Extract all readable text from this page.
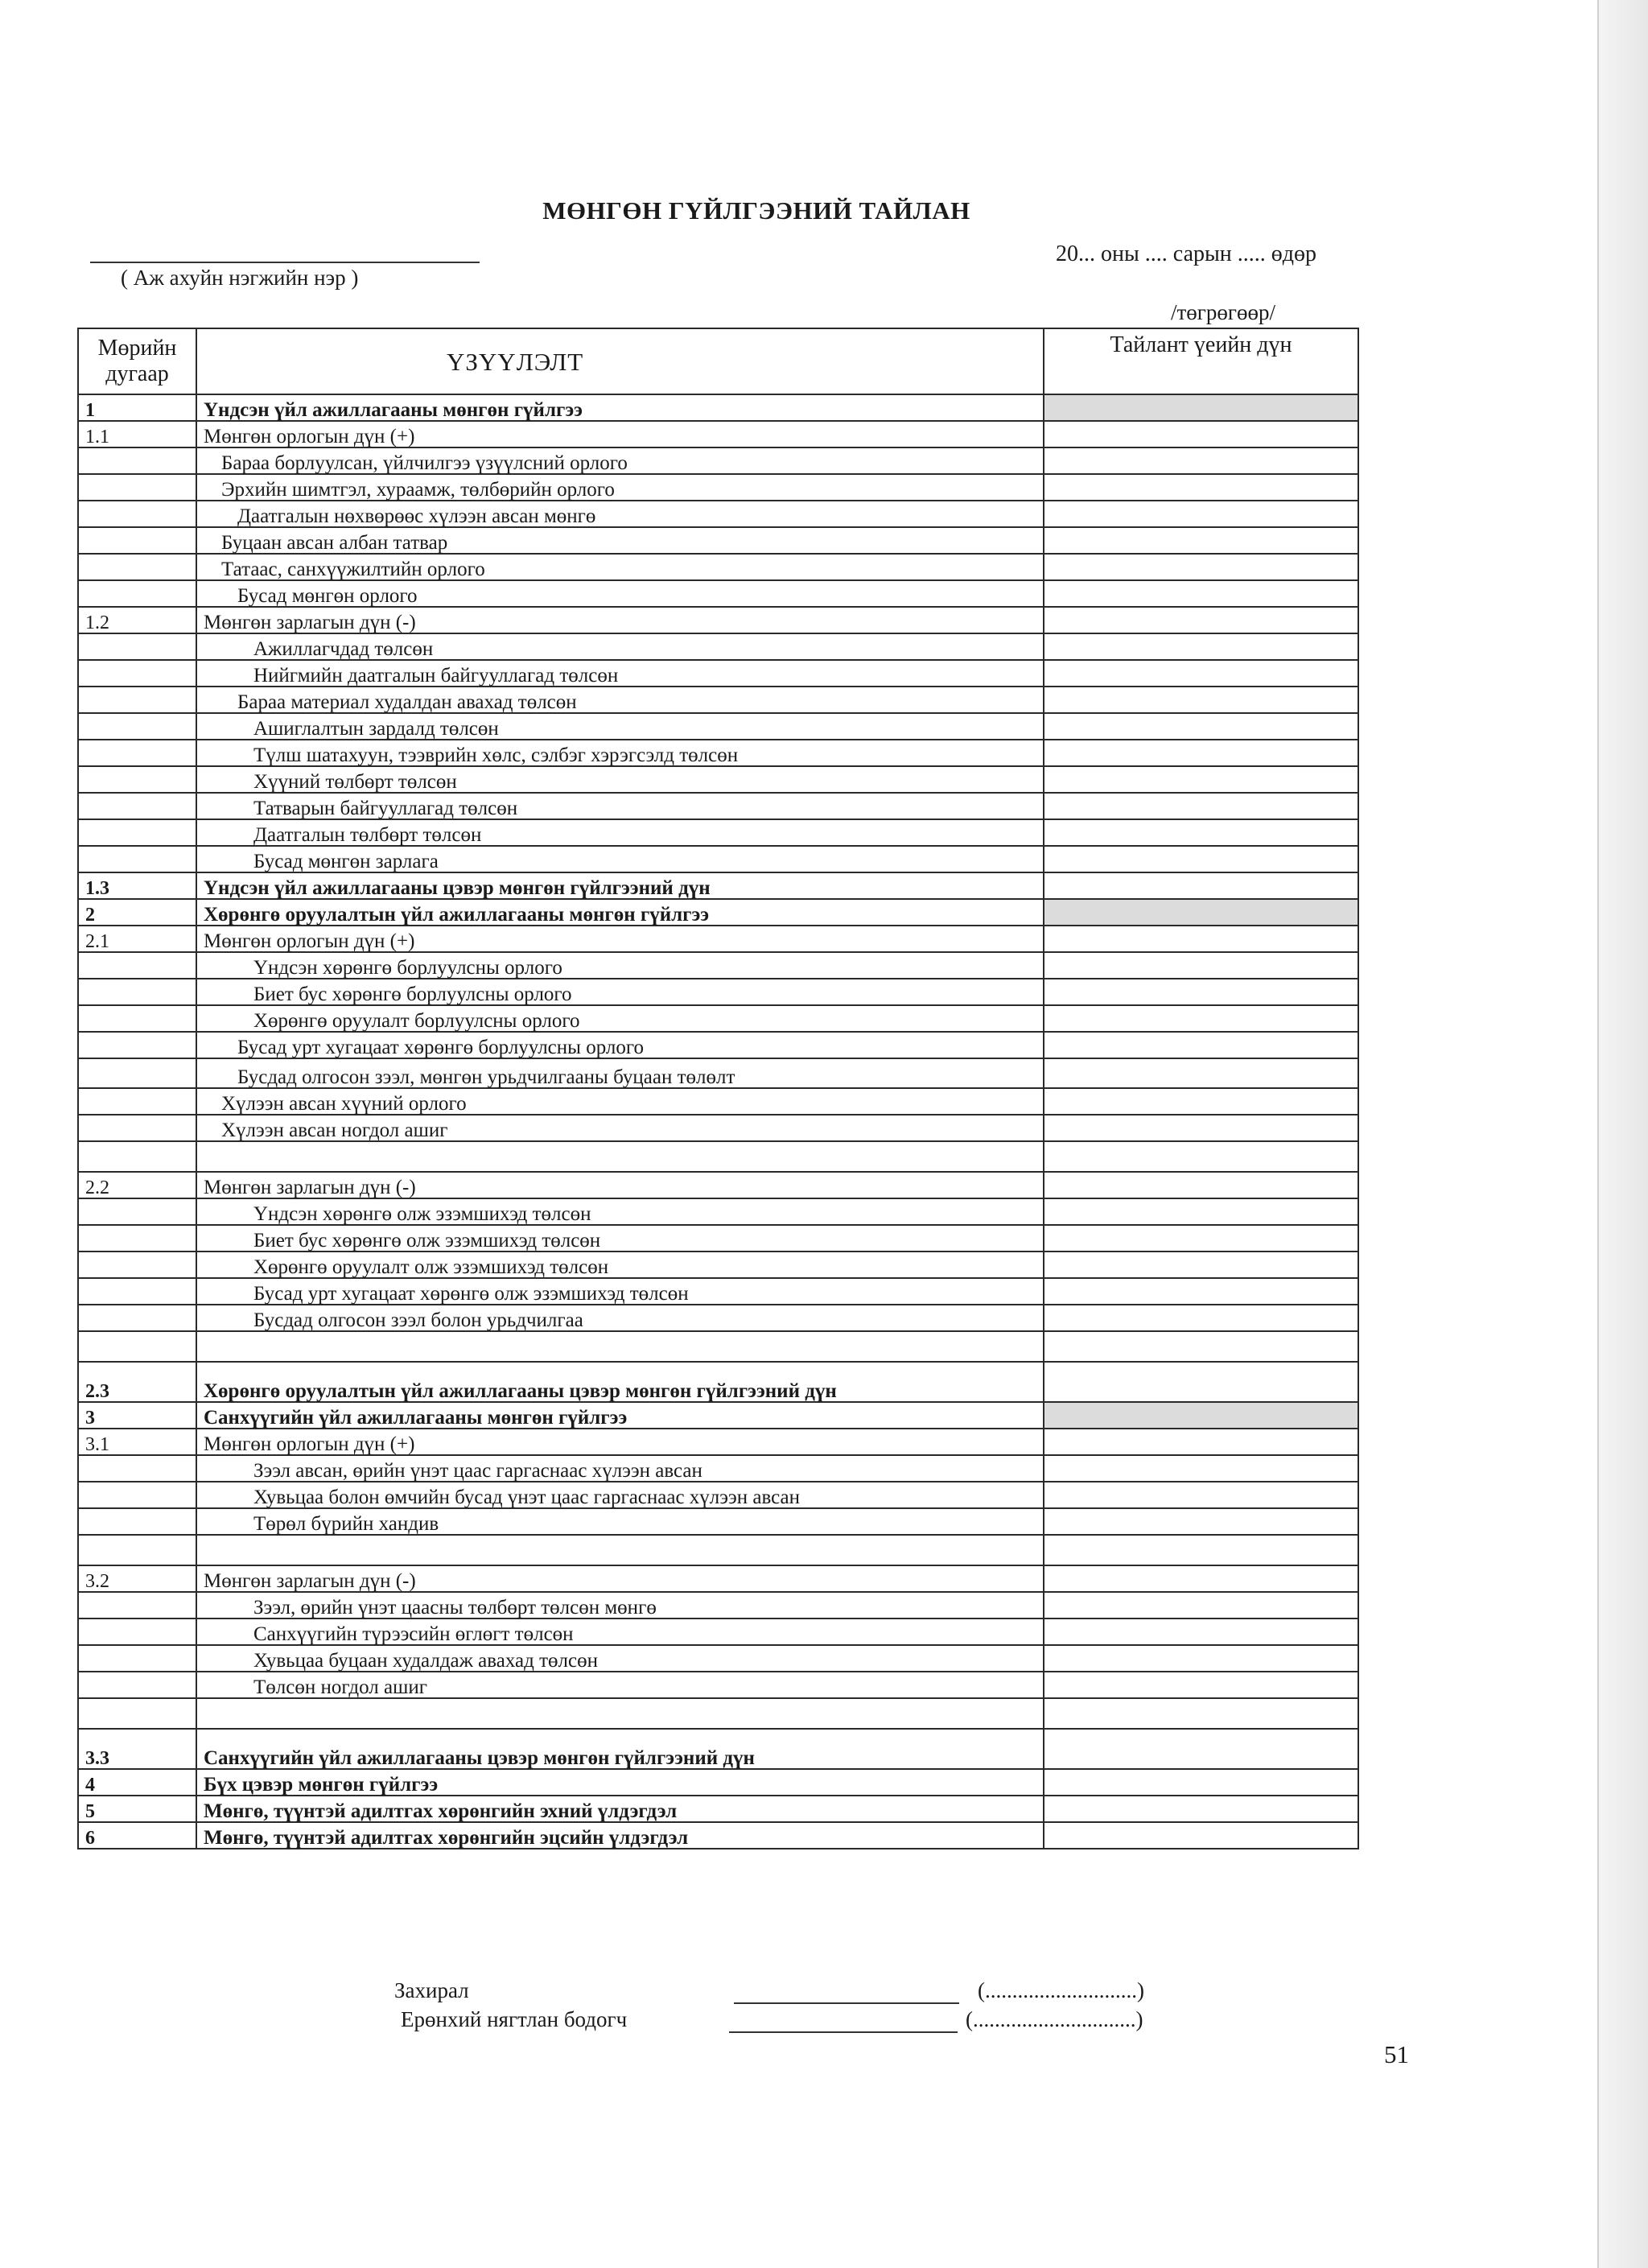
МӨНГӨН ГҮЙЛГЭЭНИЙ ТАЙЛАН
( Аж ахуйн нэгжийн нэр )
20... оны .... сарын ..... өдөр
/төгрөгөөр/
Мөрийн дугаар	ҮЗҮҮЛЭЛТ	Тайлант үеийн дүн
1	Үндсэн үйл ажиллагааны мөнгөн гүйлгээ	
1.1	Мөнгөн орлогын дүн (+)	
	Бараа борлуулсан, үйлчилгээ үзүүлсний орлого	
	Эрхийн шимтгэл, хураамж, төлбөрийн орлого	
	Даатгалын нөхвөрөөс хүлээн авсан мөнгө	
	Буцаан авсан албан татвар	
	Татаас, санхүүжилтийн орлого	
	Бусад мөнгөн орлого	
1.2	Мөнгөн зарлагын дүн (-)	
	Ажиллагчдад төлсөн	
	Нийгмийн даатгалын байгууллагад төлсөн	
	Бараа материал худалдан авахад төлсөн	
	Ашиглалтын зардалд төлсөн	
	Түлш шатахуун, тээврийн хөлс, сэлбэг хэрэгсэлд төлсөн	
	Хүүний төлбөрт төлсөн	
	Татварын байгууллагад төлсөн	
	Даатгалын төлбөрт төлсөн	
	Бусад мөнгөн зарлага	
1.3	Үндсэн үйл ажиллагааны цэвэр мөнгөн гүйлгээний дүн	
2	Хөрөнгө оруулалтын үйл ажиллагааны мөнгөн гүйлгээ	
2.1	Мөнгөн орлогын дүн (+)	
	Үндсэн хөрөнгө борлуулсны орлого	
	Биет бус хөрөнгө борлуулсны орлого	
	Хөрөнгө оруулалт борлуулсны орлого	
	Бусад урт хугацаат хөрөнгө борлуулсны орлого	
	Бусдад олгосон зээл, мөнгөн урьдчилгааны буцаан төлөлт	
	Хүлээн авсан хүүний орлого	
	Хүлээн авсан ногдол ашиг	

2.2	Мөнгөн зарлагын дүн (-)	
	Үндсэн хөрөнгө олж эзэмшихэд төлсөн	
	Биет бус хөрөнгө олж эзэмшихэд төлсөн	
	Хөрөнгө оруулалт олж эзэмшихэд төлсөн	
	Бусад урт хугацаат хөрөнгө олж эзэмшихэд төлсөн	
	Бусдад олгосон зээл болон урьдчилгаа	

2.3	Хөрөнгө оруулалтын үйл ажиллагааны цэвэр мөнгөн гүйлгээний дүн	
3	Санхүүгийн үйл ажиллагааны мөнгөн гүйлгээ	
3.1	Мөнгөн орлогын дүн (+)	
	Зээл авсан, өрийн үнэт цаас гаргаснаас хүлээн авсан	
	Хувьцаа болон өмчийн бусад үнэт цаас гаргаснаас хүлээн авсан	
	Төрөл бүрийн хандив	

3.2	Мөнгөн зарлагын дүн (-)	
	Зээл, өрийн үнэт цаасны төлбөрт төлсөн мөнгө	
	Санхүүгийн түрээсийн өглөгт төлсөн	
	Хувьцаа буцаан худалдаж авахад төлсөн	
	Төлсөн ногдол ашиг	

3.3	Санхүүгийн үйл ажиллагааны цэвэр мөнгөн гүйлгээний дүн	
4	Бүх цэвэр мөнгөн гүйлгээ	
5	Мөнгө, түүнтэй адилтгах хөрөнгийн эхний үлдэгдэл	
6	Мөнгө, түүнтэй адилтгах хөрөнгийн эцсийн үлдэгдэл	
Захирал	(............................)
Ерөнхий нягтлан бодогч	(..............................)
51
